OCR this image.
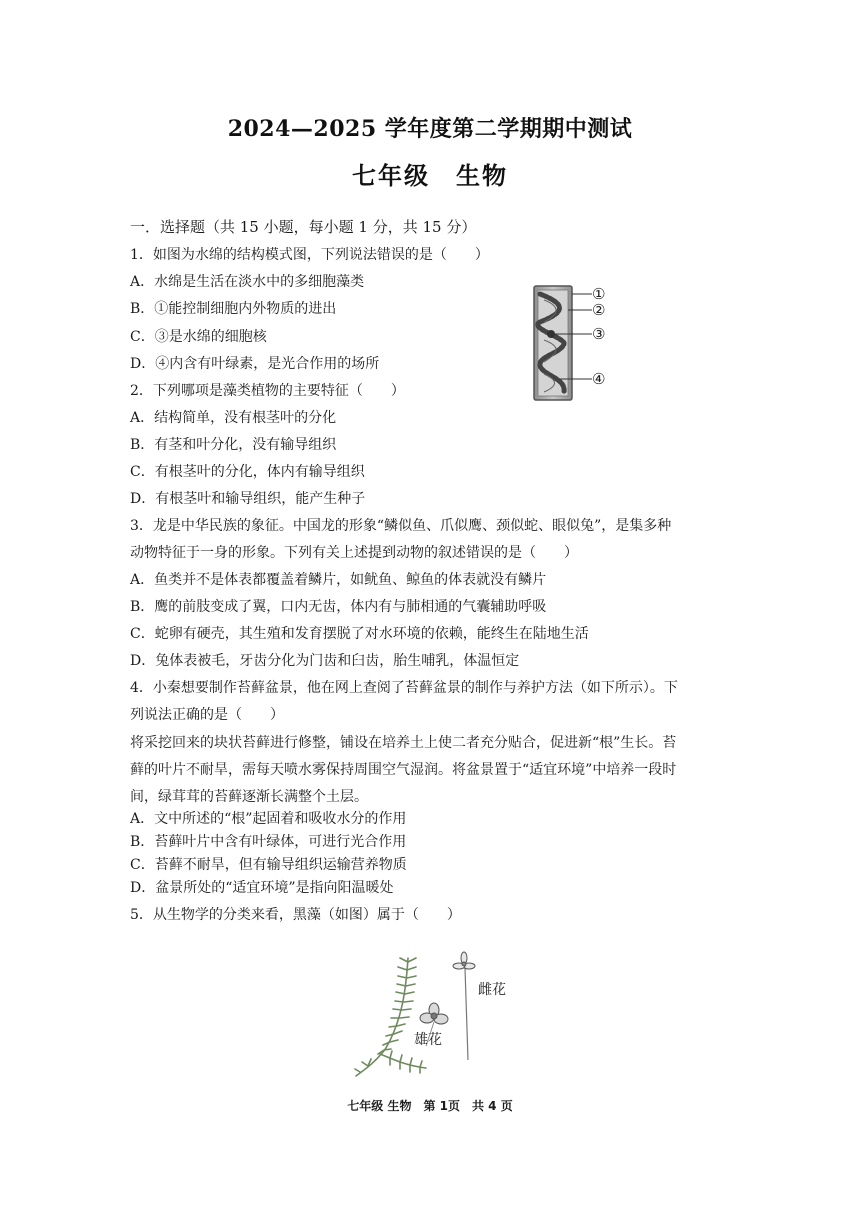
2024—2025 学年度第二学期期中测试
七年级　生物
一．选择题（共 15 小题，每小题 1 分，共 15 分）
1．如图为水绵的结构模式图，下列说法错误的是（　　）
A．水绵是生活在淡水中的多细胞藻类
B．①能控制细胞内外物质的进出
C．③是水绵的细胞核
D．④内含有叶绿素，是光合作用的场所
①
②
③
④
2．下列哪项是藻类植物的主要特征（　　）
A．结构简单，没有根茎叶的分化
B．有茎和叶分化，没有输导组织
C．有根茎叶的分化，体内有输导组织
D．有根茎叶和输导组织，能产生种子
3．龙是中华民族的象征。中国龙的形象“鳞似鱼、爪似鹰、颈似蛇、眼似兔”，是集多种
动物特征于一身的形象。下列有关上述提到动物的叙述错误的是（　　）
A．鱼类并不是体表都覆盖着鳞片，如鱿鱼、鲸鱼的体表就没有鳞片
B．鹰的前肢变成了翼，口内无齿，体内有与肺相通的气囊辅助呼吸
C．蛇卵有硬壳，其生殖和发育摆脱了对水环境的依赖，能终生在陆地生活
D．兔体表被毛，牙齿分化为门齿和臼齿，胎生哺乳，体温恒定
4．小秦想要制作苔藓盆景，他在网上查阅了苔藓盆景的制作与养护方法（如下所示）。下
列说法正确的是（　　）
将采挖回来的块状苔藓进行修整，铺设在培养土上使二者充分贴合，促进新“根”生长。苔
藓的叶片不耐旱，需每天喷水雾保持周围空气湿润。将盆景置于“适宜环境”中培养一段时
间，绿茸茸的苔藓逐渐长满整个土层。
A．文中所述的“根”起固着和吸收水分的作用
B．苔藓叶片中含有叶绿体，可进行光合作用
C．苔藓不耐旱，但有输导组织运输营养物质
D．盆景所处的“适宜环境”是指向阳温暖处
5．从生物学的分类来看，黑藻（如图）属于（　　）
雌花
雄花
七年级 生物　第 1页　共 4 页
